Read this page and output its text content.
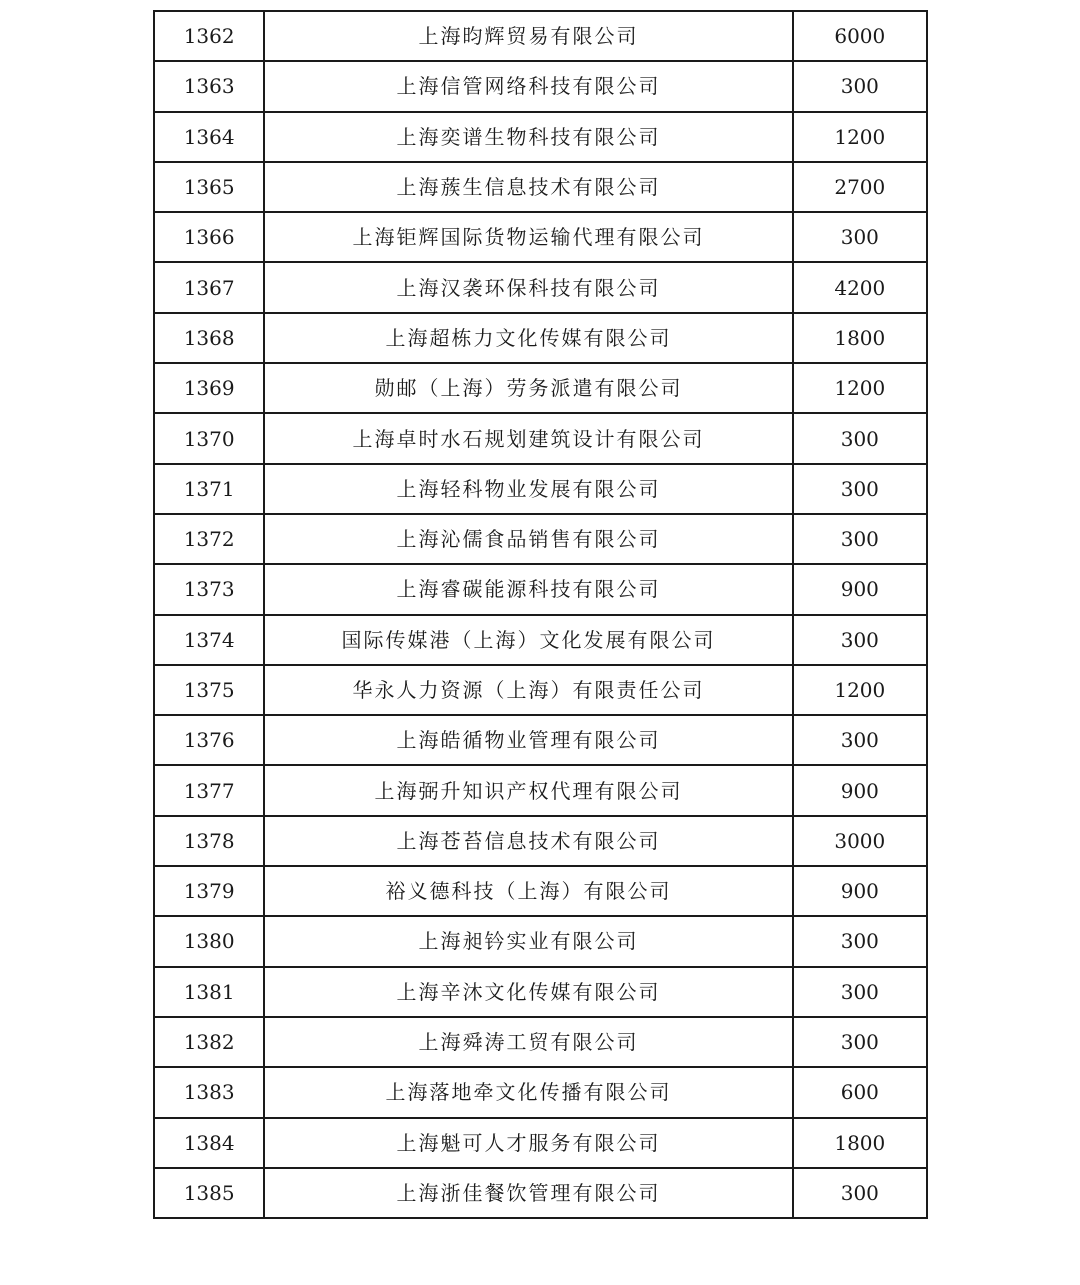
1362	上海昀辉贸易有限公司	6000
1363	上海信管网络科技有限公司	300
1364	上海奕谱生物科技有限公司	1200
1365	上海蔟生信息技术有限公司	2700
1366	上海钜辉国际货物运输代理有限公司	300
1367	上海汉袭环保科技有限公司	4200
1368	上海超栋力文化传媒有限公司	1800
1369	勋邮（上海）劳务派遣有限公司	1200
1370	上海卓时水石规划建筑设计有限公司	300
1371	上海轻科物业发展有限公司	300
1372	上海沁儒食品销售有限公司	300
1373	上海睿碳能源科技有限公司	900
1374	国际传媒港（上海）文化发展有限公司	300
1375	华永人力资源（上海）有限责任公司	1200
1376	上海皓循物业管理有限公司	300
1377	上海弼升知识产权代理有限公司	900
1378	上海苍苔信息技术有限公司	3000
1379	裕义德科技（上海）有限公司	900
1380	上海昶钤实业有限公司	300
1381	上海辛沐文化传媒有限公司	300
1382	上海舜涛工贸有限公司	300
1383	上海落地牵文化传播有限公司	600
1384	上海魁可人才服务有限公司	1800
1385	上海浙佳餐饮管理有限公司	300
